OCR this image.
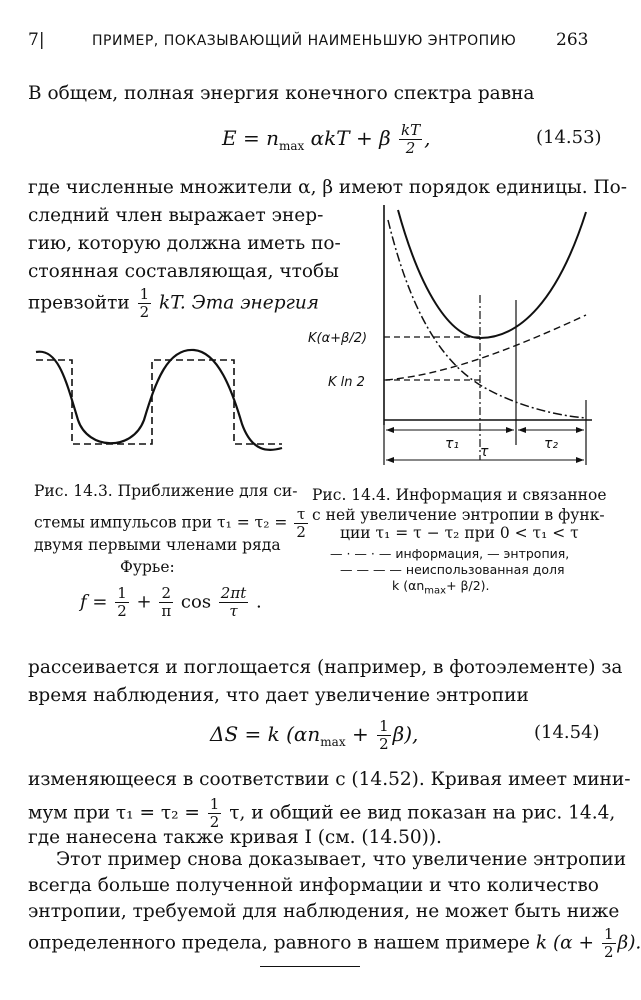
7|	ПРИМЕР, ПОКАЗЫВАЮЩИЙ НАИМЕНЬШУЮ ЭНТРОПИЮ 263
В общем, полная энергия конечного спектра равна
$E = n_{max}$ αkT + β $\frac{kT}{2}$ ,	(14.53)
где численные множители α, β имеют порядок единицы. По-
следний член выражает энер-
гию, которую должна иметь по-
стоянная составляющая, чтобы
превзойти $\frac{1}{2}$ kT. Эта энергия
Рис. 14.3. Приближение для си-
стемы импульсов при $\tau_1 = \tau_2 = \frac{\tau}{2}$
двумя первыми членами ряда
Фурье:
$f = \frac{1}{2} + \frac{2}{\pi}$ $\cos \frac{2\pi t}{\tau}$ .
K(α+β/2)
K ln 2
τ₁	τ₂
τ
Рис. 14.4. Информация и связанное
с ней увеличение энтропии в функ-
ции τ₁ = τ − τ₂ при 0 < τ₁ < τ
— · — · — информация, — энтропия,
— — — — неиспользованная доля
k $(\alpha n_{max}+ \beta/2)$.
рассеивается и поглощается (например, в фотоэлементе) за
время наблюдения, что дает увеличение энтропии
ΔS = k $(\alpha n_{max} + \frac{1}{2} \beta)$,	(14.54)
изменяющееся в соответствии с (14.52). Кривая имеет мини-
мум при $\tau_1 = \tau_2 = \frac{1}{2} \tau$, и общий ее вид показан на рис. 14.4,
где нанесена также кривая I (см. (14.50)).
Этот пример снова доказывает, что увеличение энтропии
всегда больше полученной информации и что количество
энтропии, требуемой для наблюдения, не может быть ниже
определенного предела, равного в нашем примере k $(\alpha + \frac{1}{2} \beta)$.
